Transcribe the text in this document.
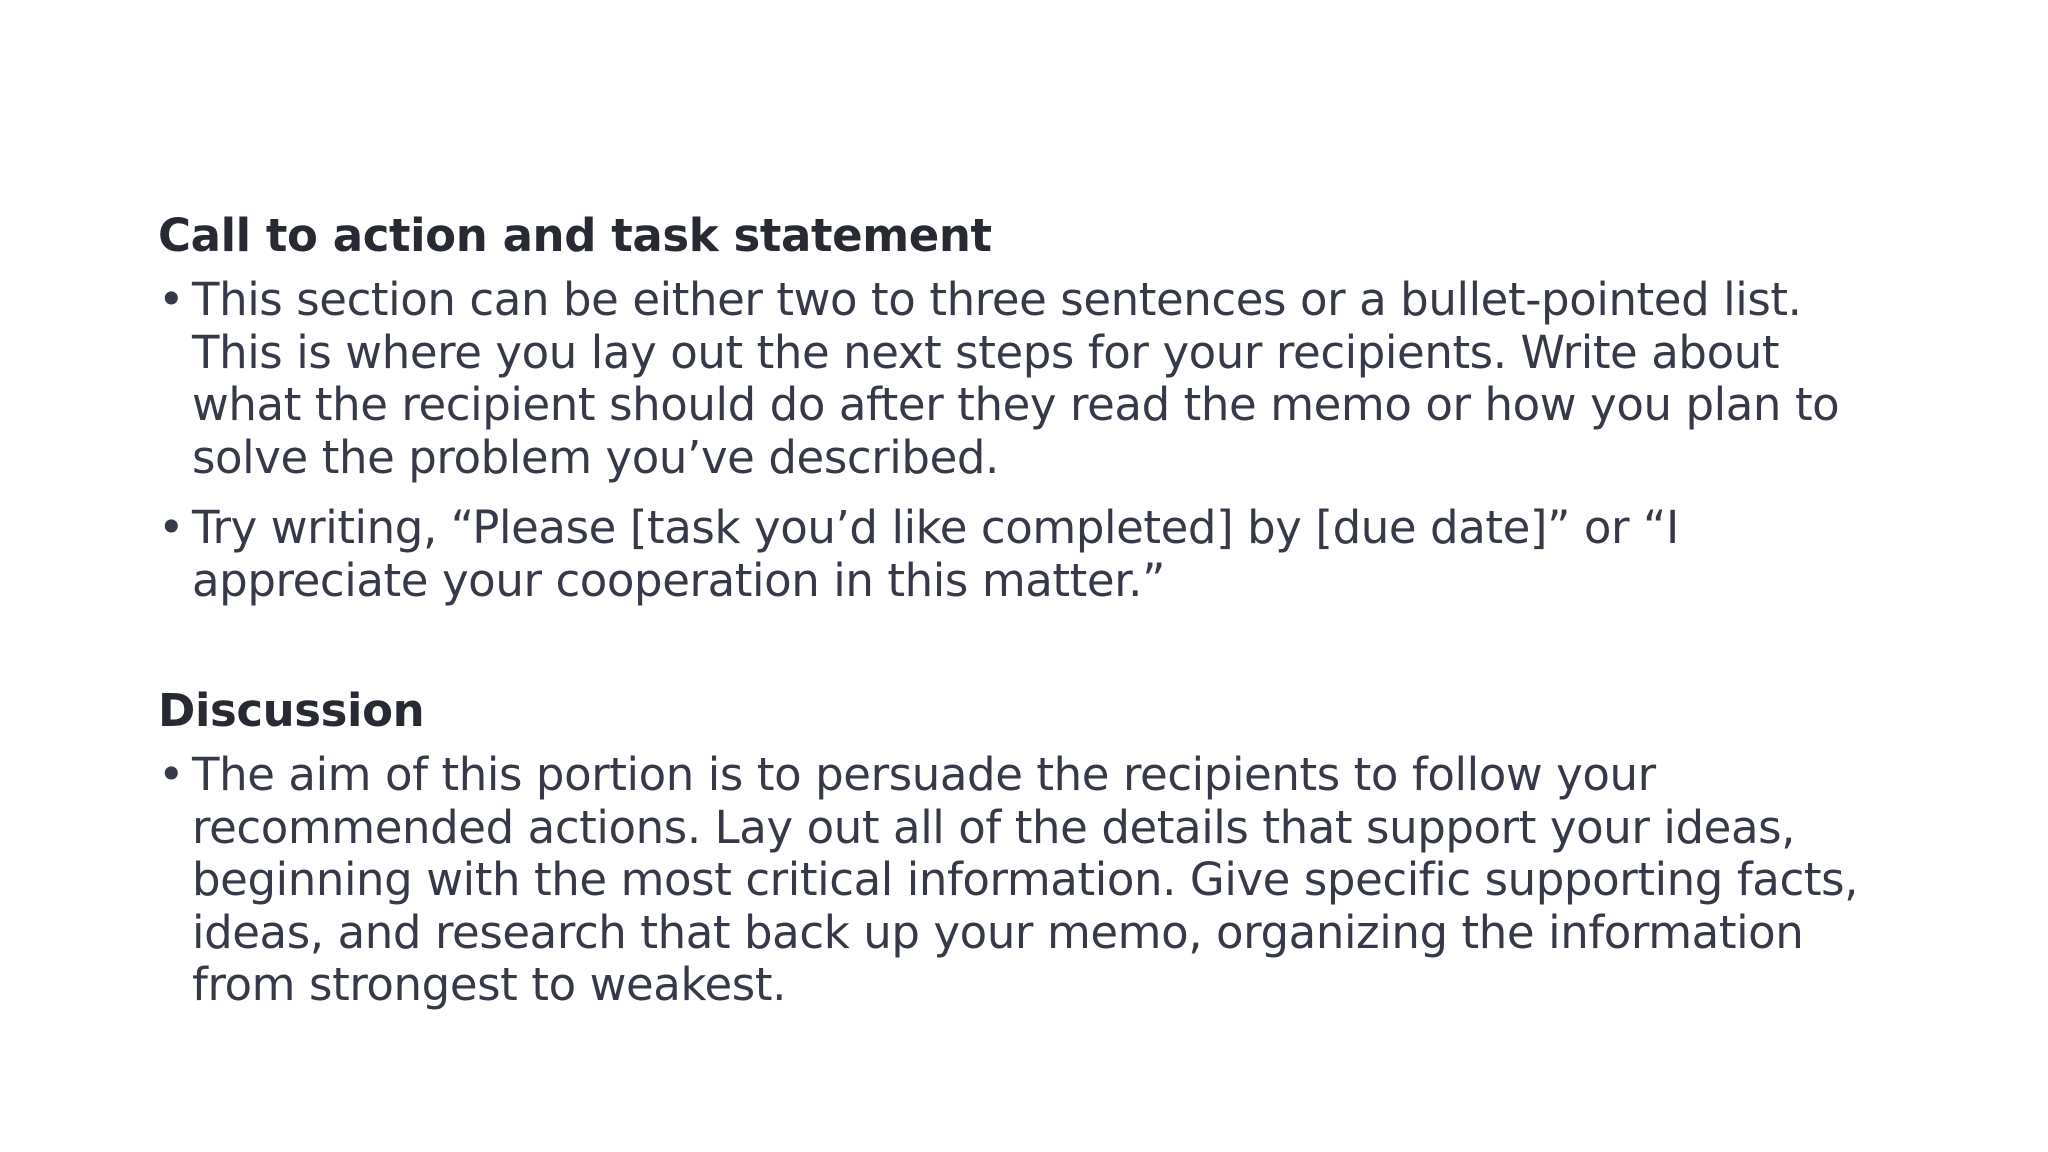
Call to action and task statement
• This section can be either two to three sentences or a bullet-pointed list. This is where you lay out the next steps for your recipients. Write about what the recipient should do after they read the memo or how you plan to solve the problem you’ve described.
• Try writing, “Please [task you’d like completed] by [due date]” or “I appreciate your cooperation in this matter.”
Discussion
• The aim of this portion is to persuade the recipients to follow your recommended actions. Lay out all of the details that support your ideas, beginning with the most critical information. Give specific supporting facts, ideas, and research that back up your memo, organizing the information from strongest to weakest.
